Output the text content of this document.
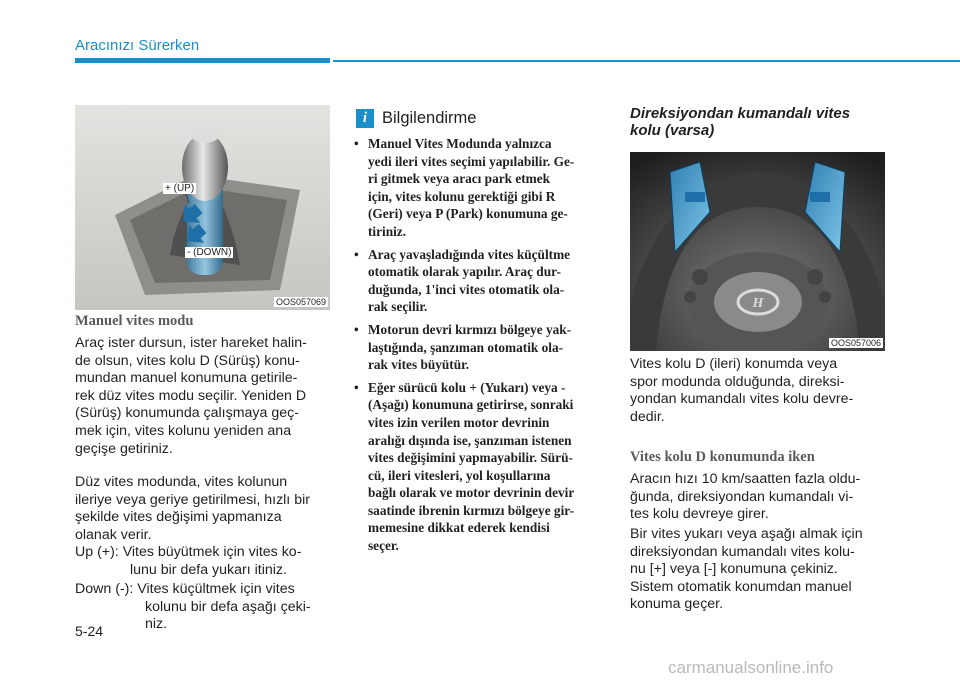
Aracınızı Sürerken
+ (UP)
- (DOWN)
OOS057069
Manuel vites modu
Araç ister dursun, ister hareket halin-
de olsun, vites kolu D (Sürüş) konu-
mundan manuel konumuna getirile-
rek düz vites modu seçilir. Yeniden D
(Sürüş) konumunda çalışmaya geç-
mek için, vites kolunu yeniden ana
geçişe getiriniz.
Düz vites modunda, vites kolunun
ileriye veya geriye getirilmesi, hızlı bir
şekilde vites değişimi yapmanıza
olanak verir.
Up (+): Vites büyütmek için vites ko-
lunu bir defa yukarı itiniz.
Down (-): Vites küçültmek için vites
kolunu bir defa aşağı çeki-
niz.
5-24
i Bilgilendirme
• Manuel Vites Modunda yalnızca
yedi ileri vites seçimi yapılabilir. Ge-
ri gitmek veya aracı park etmek
için, vites kolunu gerektiği gibi R
(Geri) veya P (Park) konumuna ge-
tiriniz.
• Araç yavaşladığında vites küçültme
otomatik olarak yapılır. Araç dur-
duğunda, 1'inci vites otomatik ola-
rak seçilir.
• Motorun devri kırmızı bölgeye yak-
laştığında, şanzıman otomatik ola-
rak vites büyütür.
• Eğer sürücü kolu + (Yukarı) veya -
(Aşağı) konumuna getirirse, sonraki
vites izin verilen motor devrinin
aralığı dışında ise, şanzıman istenen
vites değişimini yapmayabilir. Sürü-
cü, ileri vitesleri, yol koşullarına
bağlı olarak ve motor devrinin devir
saatinde ibrenin kırmızı bölgeye gir-
memesine dikkat ederek kendisi
seçer.
Direksiyondan kumandalı vites
kolu (varsa)
H
OOS057006
Vites kolu D (ileri) konumda veya
spor modunda olduğunda, direksi-
yondan kumandalı vites kolu devre-
dedir.
Vites kolu D konumunda iken
Aracın hızı 10 km/saatten fazla oldu-
ğunda, direksiyondan kumandalı vi-
tes kolu devreye girer.
Bir vites yukarı veya aşağı almak için
direksiyondan kumandalı vites kolu-
nu [+] veya [-] konumuna çekiniz.
Sistem otomatik konumdan manuel
konuma geçer.
carmanualsonline.info
